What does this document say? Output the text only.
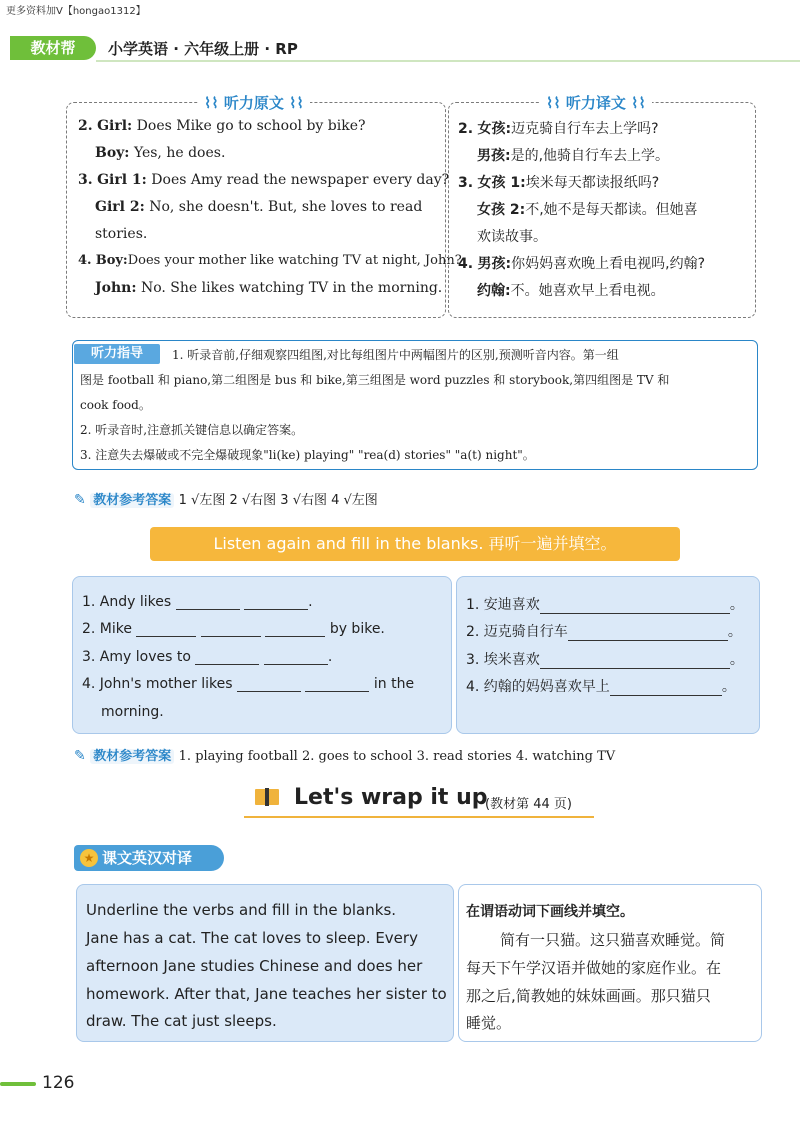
更多资料加V【hongao1312】
教材帮	小学英语 · 六年级上册 · RP
⌇⌇ 听力原文 ⌇⌇
2. Girl: Does Mike go to school by bike?
Boy: Yes, he does.
3. Girl 1: Does Amy read the newspaper every day?
Girl 2: No, she doesn't. But, she loves to read
stories.
4. Boy:Does your mother like watching TV at night, John?
John: No. She likes watching TV in the morning.
⌇⌇ 听力译文 ⌇⌇
2. 女孩:迈克骑自行车去上学吗?
男孩:是的,他骑自行车去上学。
3. 女孩 1:埃米每天都读报纸吗?
女孩 2:不,她不是每天都读。但她喜
欢读故事。
4. 男孩:你妈妈喜欢晚上看电视吗,约翰?
约翰:不。她喜欢早上看电视。
听力指导	1. 听录音前,仔细观察四组图,对比每组图片中两幅图片的区别,预测听音内容。第一组
图是 football 和 piano,第二组图是 bus 和 bike,第三组图是 word puzzles 和 storybook,第四组图是 TV 和
cook food。
2. 听录音时,注意抓关键信息以确定答案。
3. 注意失去爆破或不完全爆破现象"li(ke) playing" "rea(d) stories" "a(t) night"。
✎ 教材参考答案 1 √左图 2 √右图 3 √右图 4 √左图
Listen again and fill in the blanks. 再听一遍并填空。
1. Andy likes	.
2. Mike	by bike.
3. Amy loves to	.
4. John's mother likes	in the
morning.
1. 安迪喜欢	。
2. 迈克骑自行车	。
3. 埃米喜欢	。
4. 约翰的妈妈喜欢早上	。
✎ 教材参考答案 1. playing football 2. goes to school 3. read stories 4. watching TV
Let's wrap it up
(教材第 44 页)
★ 课文英汉对译
Underline the verbs and fill in the blanks.
Jane has a cat. The cat loves to sleep. Every
afternoon Jane studies Chinese and does her
homework. After that, Jane teaches her sister to
draw. The cat just sleeps.
在谓语动词下画线并填空。
简有一只猫。这只猫喜欢睡觉。简
每天下午学汉语并做她的家庭作业。在
那之后,简教她的妹妹画画。那只猫只
睡觉。
126
